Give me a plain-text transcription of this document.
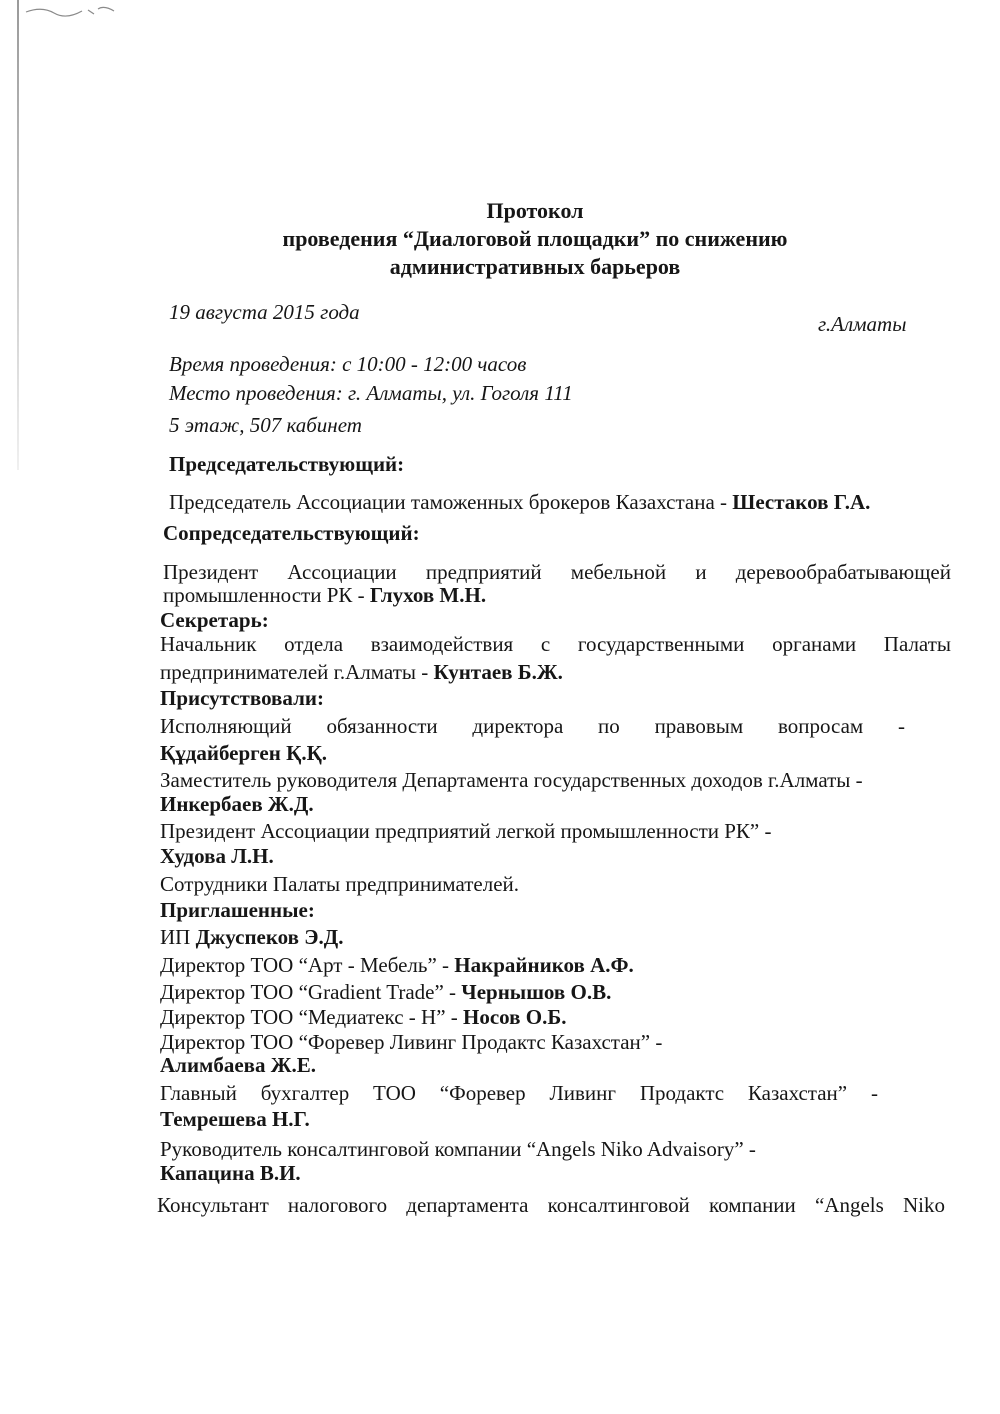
Протокол

проведения “Диалоговой площадки” по снижению

административных барьеров

19 августа 2015 года	г.Алматы

Время проведения: с 10:00 - 12:00 часов

Место проведения: г. Алматы, ул. Гоголя 111

5 этаж, 507 кабинет

Председательствующий:

Председатель Ассоциации таможенных брокеров Казахстана - Шестаков Г.А.

Сопредседательствующий:

Президент Ассоциации предприятий мебельной и деревообрабатывающей

промышленности РК - Глухов М.Н.

Секретарь:

Начальник отдела взаимодействия с государственными органами Палаты

предпринимателей г.Алматы - Кунтаев Б.Ж.

Присутствовали:

Исполняющий обязанности директора по правовым вопросам -

Құдайберген Қ.Қ.

Заместитель руководителя Департамента государственных доходов г.Алматы -

Инкербаев Ж.Д.

Президент Ассоциации предприятий легкой промышленности РК” -

Худова Л.Н.

Сотрудники Палаты предпринимателей.

Приглашенные:

ИП Джуспеков Э.Д.

Директор ТОО “Арт - Мебель” - Накрайников А.Ф.

Директор ТОО “Gradient Trade” - Чернышов О.В.

Директор ТОО “Медиатекс - Н” - Носов О.Б.

Директор ТОО “Форевер Ливинг Продактс Казахстан” -

Алимбаева Ж.Е.

Главный бухгалтер ТОО “Форевер Ливинг Продактс Казахстан” -

Темрешева Н.Г.

Руководитель консалтинговой компании “Angels Niko Advaisory” -

Капацина В.И.

Консультант налогового департамента консалтинговой компании “Angels Niko
